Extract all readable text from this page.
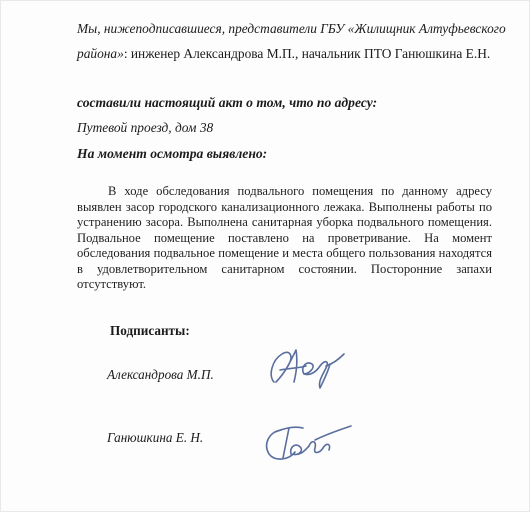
Мы, нижеподписавшиеся, представители ГБУ «Жилищник Алтуфьевского

района»: инженер Александрова М.П., начальник ПТО Ганюшкина Е.Н.

составили настоящий акт о том, что по адресу:

Путевой проезд, дом 38

На момент осмотра выявлено:

В ходе обследования подвального помещения по данному адресу выявлен засор городского канализационного лежака. Выполнены работы по устранению засора. Выполнена санитарная уборка подвального помещения. Подвальное помещение поставлено на проветривание. На момент обследования подвальное помещение и места общего пользования находятся в удовлетворительном санитарном состоянии. Посторонние запахи отсутствуют.

Подписанты:

Александрова М.П.

Ганюшкина Е. Н.
